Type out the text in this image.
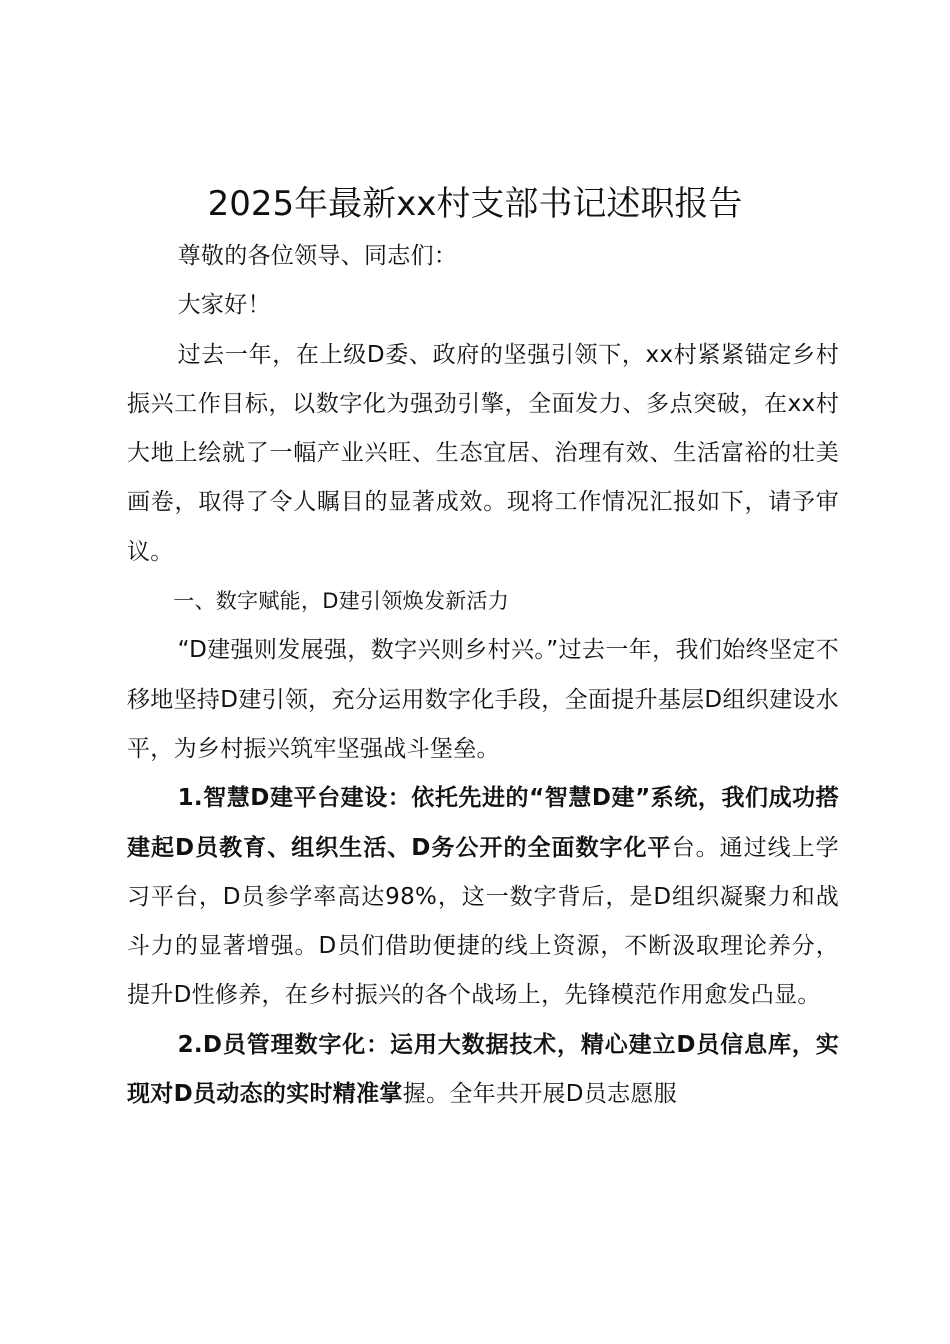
2025年最新xx村支部书记述职报告

尊敬的各位领导、同志们：

大家好！

过去一年，在上级D委、政府的坚强引领下，xx村紧紧锚定乡村振兴工作目标，以数字化为强劲引擎，全面发力、多点突破，在xx村大地上绘就了一幅产业兴旺、生态宜居、治理有效、生活富裕的壮美画卷，取得了令人瞩目的显著成效。现将工作情况汇报如下，请予审议。

一、数字赋能，D建引领焕发新活力

“D建强则发展强，数字兴则乡村兴。”过去一年，我们始终坚定不移地坚持D建引领，充分运用数字化手段，全面提升基层D组织建设水平，为乡村振兴筑牢坚强战斗堡垒。

1.智慧D建平台建设：依托先进的“智慧D建”系统，我们成功搭建起D员教育、组织生活、D务公开的全面数字化平台。通过线上学习平台，D员参学率高达98%，这一数字背后，是D组织凝聚力和战斗力的显著增强。D员们借助便捷的线上资源，不断汲取理论养分，提升D性修养，在乡村振兴的各个战场上，先锋模范作用愈发凸显。

2.D员管理数字化：运用大数据技术，精心建立D员信息库，实现对D员动态的实时精准掌握。全年共开展D员志愿服
